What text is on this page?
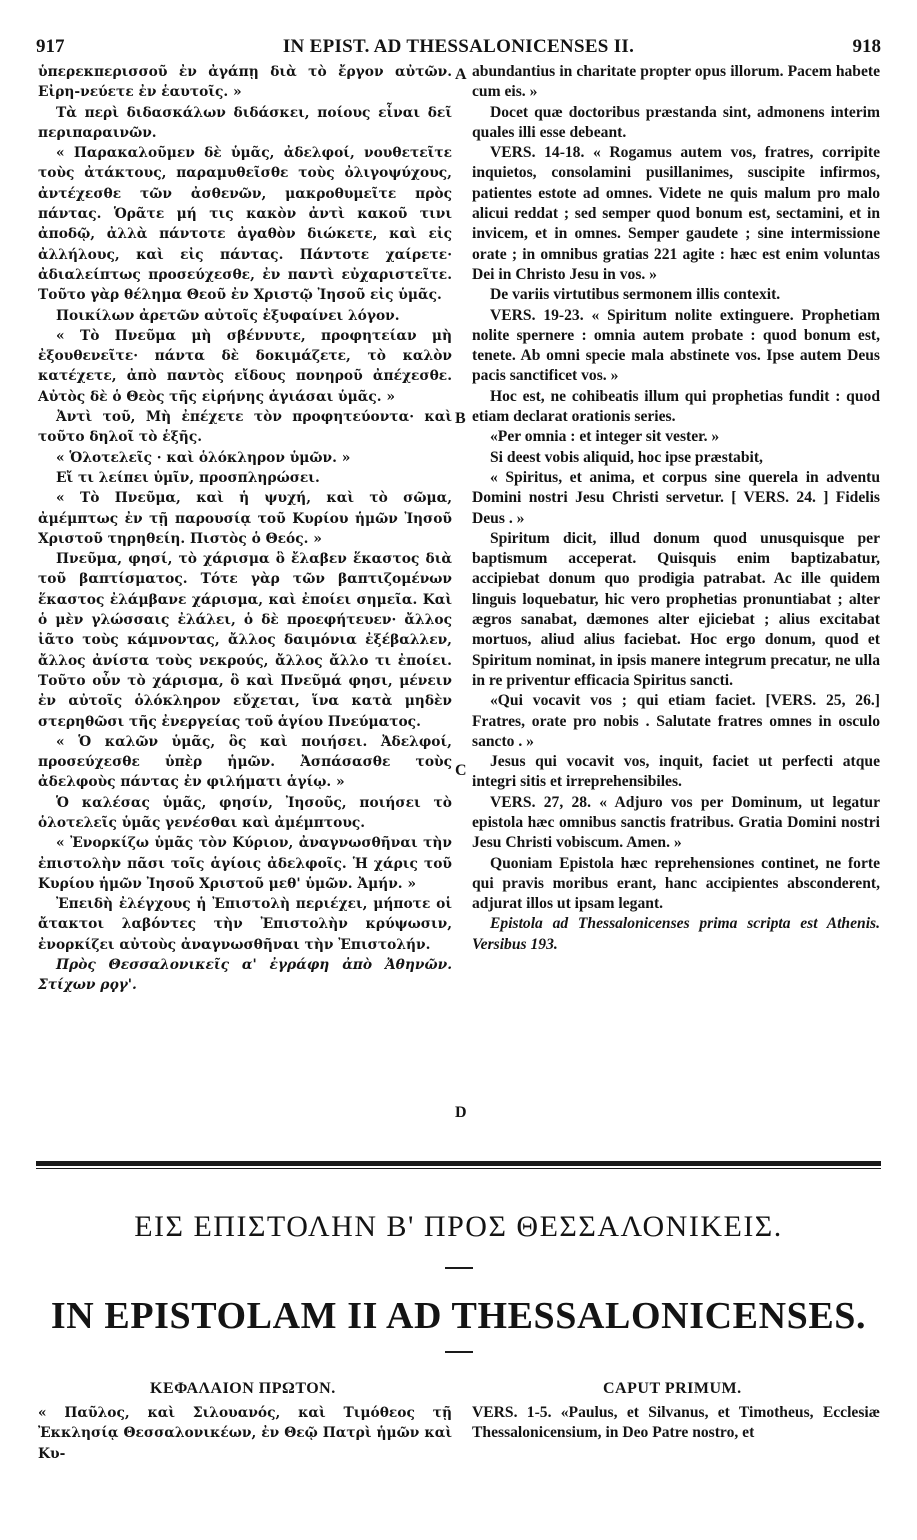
917	IN EPIST. AD THESSALONICENSES II.	918

ὑπερεκπερισσοῦ ἐν ἀγάπῃ διὰ τὸ ἔργον αὐτῶν. Εἰρη-νεύετε ἐν ἑαυτοῖς. »

Τὰ περὶ διδασκάλων διδάσκει, ποίους εἶναι δεῖ περιπαραινῶν.

« Παρακαλοῦμεν δὲ ὑμᾶς, ἀδελφοί, νουθετεῖτε τοὺς ἀτάκτους, παραμυθεῖσθε τοὺς ὀλιγοψύχους, ἀντέχεσθε τῶν ἀσθενῶν, μακροθυμεῖτε πρὸς πάντας. Ὁρᾶτε μή τις κακὸν ἀντὶ κακοῦ τινι ἀποδῷ, ἀλλὰ πάντοτε ἀγαθὸν διώκετε, καὶ εἰς ἀλλήλους, καὶ εἰς πάντας. Πάντοτε χαίρετε· ἀδιαλείπτως προσεύχεσθε, ἐν παντὶ εὐχαριστεῖτε. Τοῦτο γὰρ θέλημα Θεοῦ ἐν Χριστῷ Ἰησοῦ εἰς ὑμᾶς.

Ποικίλων ἀρετῶν αὐτοῖς ἐξυφαίνει λόγον.

« Τὸ Πνεῦμα μὴ σβέννυτε, προφητείαν μὴ ἐξουθενεῖτε· πάντα δὲ δοκιμάζετε, τὸ καλὸν κατέχετε, ἀπὸ παντὸς εἴδους πονηροῦ ἀπέχεσθε. Αὐτὸς δὲ ὁ Θεὸς τῆς εἰρήνης ἁγιάσαι ὑμᾶς. »

Ἀντὶ τοῦ, Μὴ ἐπέχετε τὸν προφητεύοντα· καὶ τοῦτο δηλοῖ τὸ ἑξῆς.

« Ὁλοτελεῖς · καὶ ὁλόκληρον ὑμῶν. »

Εἴ τι λείπει ὑμῖν, προσπληρώσει.

« Τὸ Πνεῦμα, καὶ ἡ ψυχή, καὶ τὸ σῶμα, ἀμέμπτως ἐν τῇ παρουσίᾳ τοῦ Κυρίου ἡμῶν Ἰησοῦ Χριστοῦ τηρηθείη. Πιστὸς ὁ Θεός. »

Πνεῦμα, φησί, τὸ χάρισμα ὃ ἔλαβεν ἕκαστος διὰ τοῦ βαπτίσματος. Τότε γὰρ τῶν βαπτιζομένων ἕκαστος ἐλάμβανε χάρισμα, καὶ ἐποίει σημεῖα. Καὶ ὁ μὲν γλώσσαις ἐλάλει, ὁ δὲ προεφήτευεν· ἄλλος ἰᾶτο τοὺς κάμνοντας, ἄλλος δαιμόνια ἐξέβαλλεν, ἄλλος ἀνίστα τοὺς νεκρούς, ἄλλος ἄλλο τι ἐποίει. Τοῦτο οὖν τὸ χάρισμα, ὃ καὶ Πνεῦμά φησι, μένειν ἐν αὐτοῖς ὁλόκληρον εὔχεται, ἵνα κατὰ μηδὲν στερηθῶσι τῆς ἐνεργείας τοῦ ἁγίου Πνεύματος.

« Ὁ καλῶν ὑμᾶς, ὃς καὶ ποιήσει. Ἀδελφοί, προσεύχεσθε ὑπὲρ ἡμῶν. Ἀσπάσασθε τοὺς ἀδελφοὺς πάντας ἐν φιλήματι ἁγίῳ. »

Ὁ καλέσας ὑμᾶς, φησίν, Ἰησοῦς, ποιήσει τὸ ὁλοτελεῖς ὑμᾶς γενέσθαι καὶ ἀμέμπτους.

« Ἐνορκίζω ὑμᾶς τὸν Κύριον, ἀναγνωσθῆναι τὴν ἐπιστολὴν πᾶσι τοῖς ἁγίοις ἀδελφοῖς. Ἡ χάρις τοῦ Κυρίου ἡμῶν Ἰησοῦ Χριστοῦ μεθ' ὑμῶν. Ἀμήν. »

Ἐπειδὴ ἐλέγχους ἡ Ἐπιστολὴ περιέχει, μήποτε οἱ ἄτακτοι λαβόντες τὴν Ἐπιστολὴν κρύψωσιν, ἐνορκίζει αὐτοὺς ἀναγνωσθῆναι τὴν Ἐπιστολήν.

Πρὸς Θεσσαλονικεῖς α' ἐγράφη ἀπὸ Ἀθηνῶν. Στίχων ρϙγ'.

A
B
C
D

abundantius in charitate propter opus illorum. Pacem habete cum eis. »

Docet quæ doctoribus præstanda sint, admonens interim quales illi esse debeant.

VERS. 14-18. « Rogamus autem vos, fratres, corripite inquietos, consolamini pusillanimes, suscipite infirmos, patientes estote ad omnes. Videte ne quis malum pro malo alicui reddat ; sed semper quod bonum est, sectamini, et in invicem, et in omnes. Semper gaudete ; sine intermissione orate ; in omnibus gratias 221 agite : hæc est enim voluntas Dei in Christo Jesu in vos. »

De variis virtutibus sermonem illis contexit.

VERS. 19-23. « Spiritum nolite extinguere. Prophetiam nolite spernere : omnia autem probate : quod bonum est, tenete. Ab omni specie mala abstinete vos. Ipse autem Deus pacis sanctificet vos. »

Hoc est, ne cohibeatis illum qui prophetias fundit : quod etiam declarat orationis series.

«Per omnia : et integer sit vester. »

Si deest vobis aliquid, hoc ipse præstabit,

« Spiritus, et anima, et corpus sine querela in adventu Domini nostri Jesu Christi servetur. [ VERS. 24. ] Fidelis Deus . »

Spiritum dicit, illud donum quod unusquisque per baptismum acceperat. Quisquis enim baptizabatur, accipiebat donum quo prodigia patrabat. Ac ille quidem linguis loquebatur, hic vero prophetias pronuntiabat ; alter ægros sanabat, dæmones alter ejiciebat ; alius excitabat mortuos, aliud alius faciebat. Hoc ergo donum, quod et Spiritum nominat, in ipsis manere integrum precatur, ne ulla in re priventur efficacia Spiritus sancti.

«Qui vocavit vos ; qui etiam faciet. [VERS. 25, 26.] Fratres, orate pro nobis . Salutate fratres omnes in osculo sancto . »

Jesus qui vocavit vos, inquit, faciet ut perfecti atque integri sitis et irreprehensibiles.

VERS. 27, 28. « Adjuro vos per Dominum, ut legatur epistola hæc omnibus sanctis fratribus. Gratia Domini nostri Jesu Christi vobiscum. Amen. »

Quoniam Epistola hæc reprehensiones continet, ne forte qui pravis moribus erant, hanc accipientes absconderent, adjurat illos ut ipsam legant.

Epistola ad Thessalonicenses prima scripta est Athenis. Versibus 193.

ΕΙΣ ΕΠΙΣΤΟΛΗΝ Β' ΠΡΟΣ ΘΕΣΣΑΛΟΝΙΚΕΙΣ.
IN EPISTOLAM II AD THESSALONICENSES.
ΚΕΦΑΛΑΙΟΝ ΠΡΩΤΟΝ.	CAPUT PRIMUM.
« Παῦλος, καὶ Σιλουανός, καὶ Τιμόθεος τῇ Ἐκκλησίᾳ Θεσσαλονικέων, ἐν Θεῷ Πατρὶ ἡμῶν καὶ Κυ-
VERS. 1-5. «Paulus, et Silvanus, et Timotheus, Ecclesiæ Thessalonicensium, in Deo Patre nostro, et
